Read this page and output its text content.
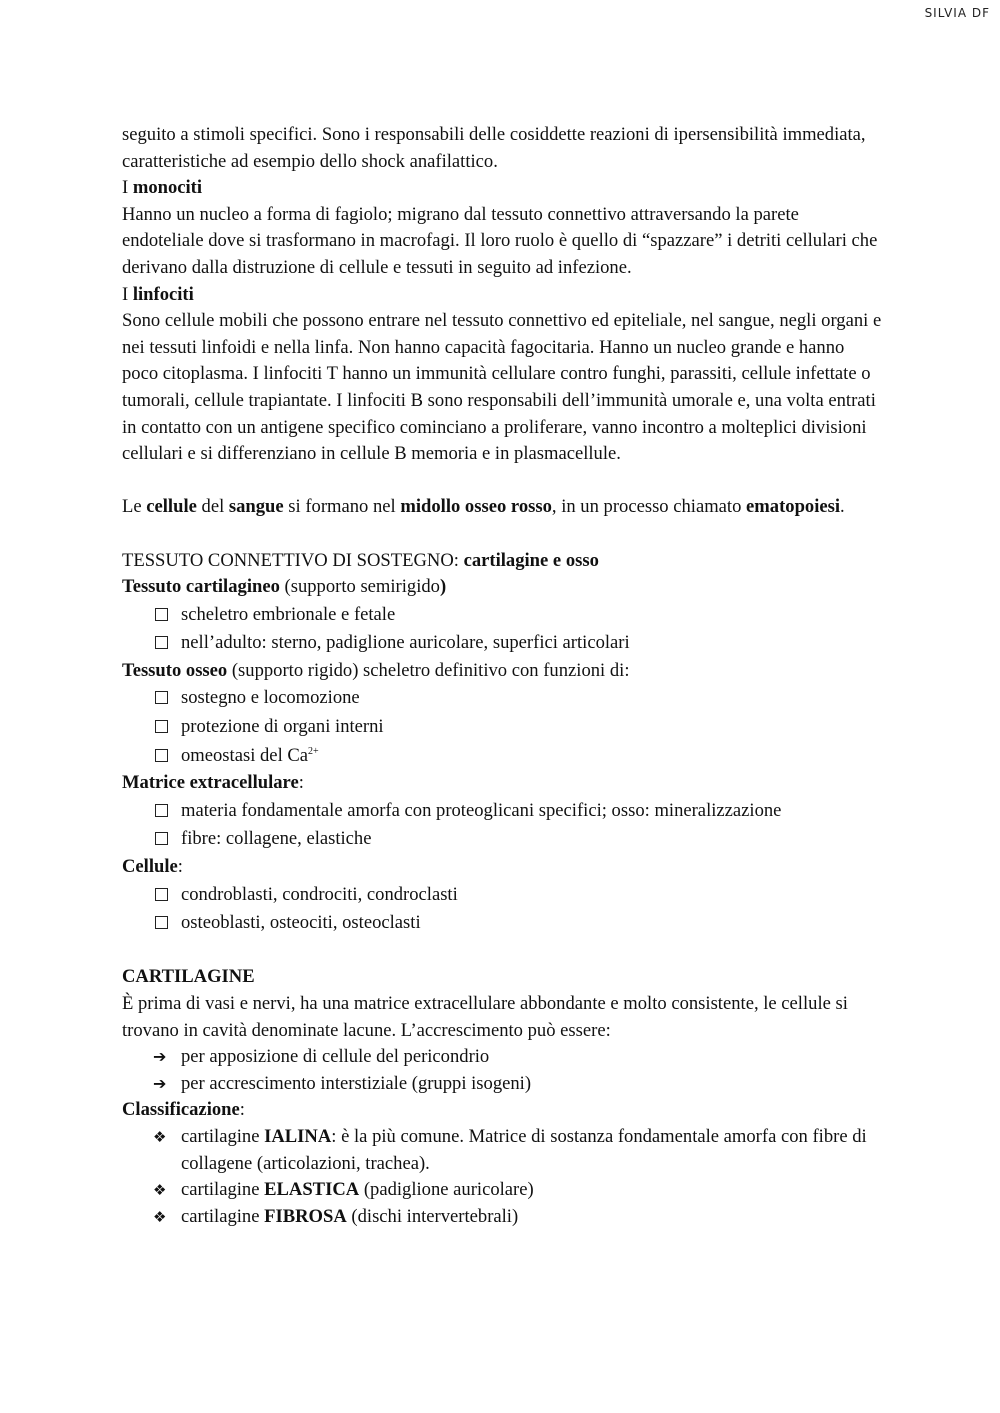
SILVIA DF

seguito a stimoli specifici. Sono i responsabili delle cosiddette reazioni di ipersensibilità immediata, caratteristiche ad esempio dello shock anafilattico.

I monociti

Hanno un nucleo a forma di fagiolo; migrano dal tessuto connettivo attraversando la parete endoteliale dove si trasformano in macrofagi. Il loro ruolo è quello di “spazzare” i detriti cellulari che derivano dalla distruzione di cellule e tessuti in seguito ad infezione.

I linfociti

Sono cellule mobili che possono entrare nel tessuto connettivo ed epiteliale, nel sangue, negli organi e nei tessuti linfoidi e nella linfa. Non hanno capacità fagocitaria. Hanno un nucleo grande e hanno poco citoplasma. I linfociti T hanno un immunità cellulare contro funghi, parassiti, cellule infettate o tumorali, cellule trapiantate. I linfociti B sono responsabili dell’immunità umorale e, una volta entrati in contatto con un antigene specifico cominciano a proliferare, vanno incontro a molteplici divisioni cellulari e si differenziano in cellule B memoria e in plasmacellule.

Le cellule del sangue si formano nel midollo osseo rosso, in un processo chiamato ematopoiesi.

TESSUTO CONNETTIVO DI SOSTEGNO: cartilagine e osso

Tessuto cartilagineo (supporto semirigido)

scheletro embrionale e fetale
nell’adulto: sterno, padiglione auricolare, superfici articolari

Tessuto osseo (supporto rigido) scheletro definitivo con funzioni di:

sostegno e locomozione
protezione di organi interni
omeostasi del $Ca^{2+}$

Matrice extracellulare:

materia fondamentale amorfa con proteoglicani specifici; osso: mineralizzazione
fibre: collagene, elastiche

Cellule:

condroblasti, condrociti, condroclasti
osteoblasti, osteociti, osteoclasti

CARTILAGINE

È prima di vasi e nervi, ha una matrice extracellulare abbondante e molto consistente, le cellule si trovano in cavità denominate lacune. L’accrescimento può essere:

➔ per apposizione di cellule del pericondrio
➔ per accrescimento interstiziale (gruppi isogeni)

Classificazione:

❖ cartilagine IALINA: è la più comune. Matrice di sostanza fondamentale amorfa con fibre di collagene (articolazioni, trachea).
❖ cartilagine ELASTICA (padiglione auricolare)
❖ cartilagine FIBROSA (dischi intervertebrali)
